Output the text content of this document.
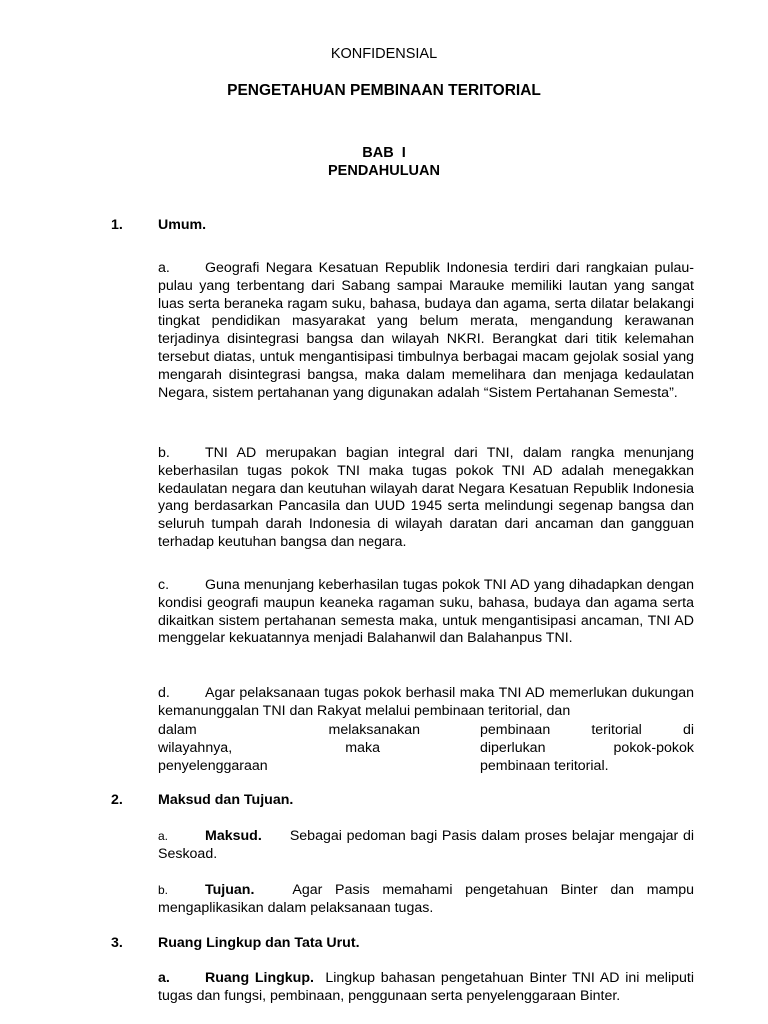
KONFIDENSIAL
PENGETAHUAN PEMBINAAN TERITORIAL
BAB  I
PENDAHULUAN
1. Umum.

a. Geografi Negara Kesatuan Republik Indonesia terdiri dari rangkaian pulau-pulau yang terbentang dari Sabang sampai Marauke memiliki lautan yang sangat luas serta beraneka ragam suku, bahasa, budaya dan agama, serta dilatar belakangi tingkat pendidikan masyarakat yang belum merata, mengandung kerawanan terjadinya disintegrasi bangsa dan wilayah NKRI. Berangkat dari titik kelemahan tersebut diatas, untuk mengantisipasi timbulnya berbagai macam gejolak sosial yang mengarah disintegrasi bangsa, maka dalam memelihara dan menjaga kedaulatan Negara, sistem pertahanan yang digunakan adalah “Sistem Pertahanan Semesta”.

b. TNI AD merupakan bagian integral dari TNI, dalam rangka menunjang keberhasilan tugas pokok TNI maka tugas pokok TNI AD adalah menegakkan kedaulatan negara dan keutuhan wilayah darat Negara Kesatuan Republik Indonesia yang berdasarkan Pancasila dan UUD 1945 serta melindungi segenap bangsa dan seluruh tumpah darah Indonesia di wilayah daratan dari ancaman dan gangguan terhadap keutuhan bangsa dan negara.

c.	Guna menunjang keberhasilan tugas pokok TNI AD yang dihadapkan dengan kondisi geografi maupun keaneka ragaman suku, bahasa, budaya dan agama serta dikaitkan sistem pertahanan semesta maka, untuk mengantisipasi ancaman, TNI AD menggelar kekuatannya menjadi Balahanwil dan Balahanpus TNI.

d. Agar pelaksanaan tugas pokok berhasil maka TNI AD memerlukan dukungan kemanunggalan TNI dan Rakyat melalui pembinaan teritorial, dan

dalam	melaksanakan	pembinaan	teritorial	di
wilayahnya,	maka	diperlukan	pokok-pokok
penyelenggaraan	pembinaan teritorial.
2. Maksud dan Tujuan.

a.	Maksud. Sebagai pedoman bagi Pasis dalam proses belajar mengajar di Seskoad.

b.	Tujuan.	Agar Pasis memahami pengetahuan Binter dan mampu mengaplikasikan dalam pelaksanaan tugas.

3. Ruang Lingkup dan Tata Urut.

a. Ruang Lingkup. Lingkup bahasan pengetahuan Binter TNI AD ini meliputi tugas dan fungsi, pembinaan, penggunaan serta penyelenggaraan Binter.
